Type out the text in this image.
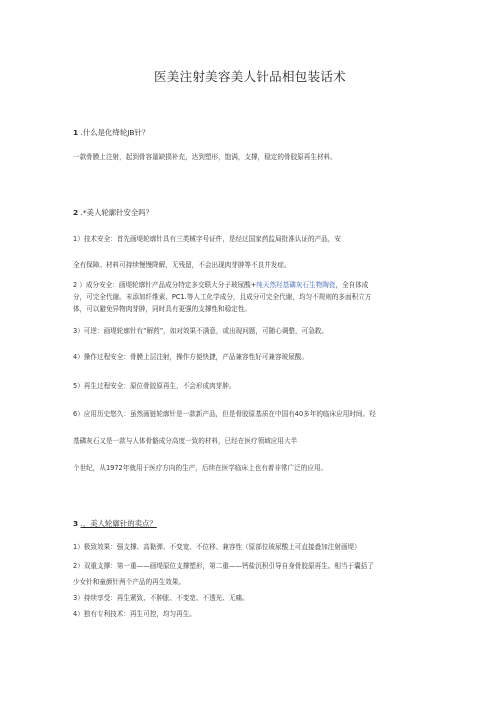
医美注射美容美人针品相包装话术
1 .什么是化绛轮JB针？
一款骨膜上注射，起到骨容量缺损补充，达到塑形，饱满，支撑，稳定的骨胶原再生材料。
2 .*美人轮廓针安全吗？
1）技术安全：首先画堤轮廓针具有三类械字号证件，是经过国家药监局批准认证的产品，安
全有保障。材料可持续慢慢降解，无残留，不会出现肉芽肿等不良并发症。
2 ）成分安全：画堤轮廓针产品成分特定多交联大分子玻尿酸+纯天然羟基磷灰石生物陶瓷，全自体成
分，可完全代谢。未添加纤维素、PC1.等人工化学成分，且成分可完全代谢，均匀不规则的多面积立方
体，可以避免异物肉芽肿，同时具有更强的支撑性和稳定性。
3）可逆：画堤轮廓针有“解药”，如对效果不满意，或出现问题，可随心调整，可急救。
4）操作过程安全：骨膜上层注射，操作方便快捷，产品兼容性好可兼容玻尿酸。
5）再生过程安全：原位骨胶原再生，不会形成肉芽肿。
6）应用历史悠久：虽然画链轮廓针是一款新产品，但是骨胶原基质在中国有40多年的临床应用时间。羟
基磷灰石又是一款与人体骨骼成分高度一致的材料，已经在医疗领域应用大半
个世纪，从1972年就用于医疗方向的生产，后续在医学临床上也有着非常广泛的应用。
3 .，美人轮廓针的卖点？
1）极致效果：强支撑、高黏弹、不变宽、不位移、兼容性（原部位玻尿酸上可直接叠加注射画堤）
2）双重支撑：第一重——画堤原位支撑塑形，第二重——钙盐沉积引导自身骨胶原再生。相当于囊括了
少女针和童颜针两个产品的再生效果。
3）持续享受：再生紧致、不肿胀、不变宽、不透光、无痛。
4）独有专利技术：再生可控，均匀再生。
